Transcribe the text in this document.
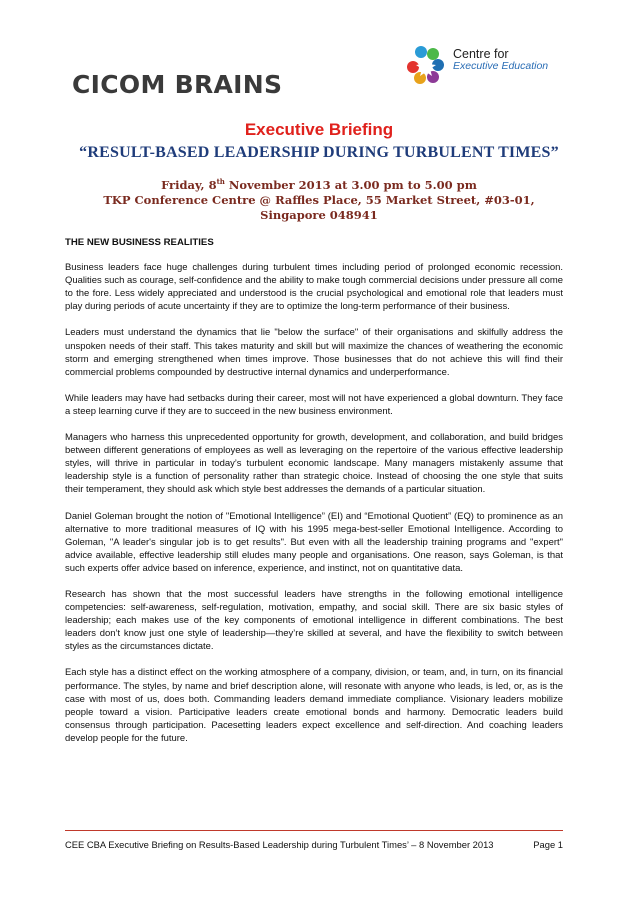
CICOM BRAINS
Centre for
Executive Education
Executive Briefing
“RESULT-BASED LEADERSHIP DURING TURBULENT TIMES”
Friday, 8th November 2013 at 3.00 pm to 5.00 pm
TKP Conference Centre @ Raffles Place, 55 Market Street, #03-01,
Singapore 048941
THE NEW BUSINESS REALITIES

Business leaders face huge challenges during turbulent times including period of prolonged economic recession. Qualities such as courage, self-confidence and the ability to make tough commercial decisions under pressure all come to the fore. Less widely appreciated and understood is the crucial psychological and emotional role that leaders must play during periods of acute uncertainty if they are to optimize the long-term performance of their business.

Leaders must understand the dynamics that lie "below the surface" of their organisations and skilfully address the unspoken needs of their staff. This takes maturity and skill but will maximize the chances of weathering the economic storm and emerging strengthened when times improve. Those businesses that do not achieve this will find their commercial problems compounded by destructive internal dynamics and underperformance.

While leaders may have had setbacks during their career, most will not have experienced a global downturn. They face a steep learning curve if they are to succeed in the new business environment.

Managers who harness this unprecedented opportunity for growth, development, and collaboration, and build bridges between different generations of employees as well as leveraging on the repertoire of the various effective leadership styles, will thrive in particular in today’s turbulent economic landscape. Many managers mistakenly assume that leadership style is a function of personality rather than strategic choice. Instead of choosing the one style that suits their temperament, they should ask which style best addresses the demands of a particular situation.

Daniel Goleman brought the notion of "Emotional Intelligence” (EI) and “Emotional Quotient” (EQ) to prominence as an alternative to more traditional measures of IQ with his 1995 mega-best-seller Emotional Intelligence. According to Goleman, "A leader's singular job is to get results". But even with all the leadership training programs and "expert" advice available, effective leadership still eludes many people and organisations. One reason, says Goleman, is that such experts offer advice based on inference, experience, and instinct, not on quantitative data.

Research has shown that the most successful leaders have strengths in the following emotional intelligence competencies: self-awareness, self-regulation, motivation, empathy, and social skill. There are six basic styles of leadership; each makes use of the key components of emotional intelligence in different combinations. The best leaders don’t know just one style of leadership—they’re skilled at several, and have the flexibility to switch between styles as the circumstances dictate.

Each style has a distinct effect on the working atmosphere of a company, division, or team, and, in turn, on its financial performance. The styles, by name and brief description alone, will resonate with anyone who leads, is led, or, as is the case with most of us, does both. Commanding leaders demand immediate compliance. Visionary leaders mobilize people toward a vision. Participative leaders create emotional bonds and harmony. Democratic leaders build consensus through participation. Pacesetting leaders expect excellence and self-direction. And coaching leaders develop people for the future.

CEE CBA Executive Briefing on Results-Based Leadership during Turbulent Times’ – 8 November 2013	Page 1
